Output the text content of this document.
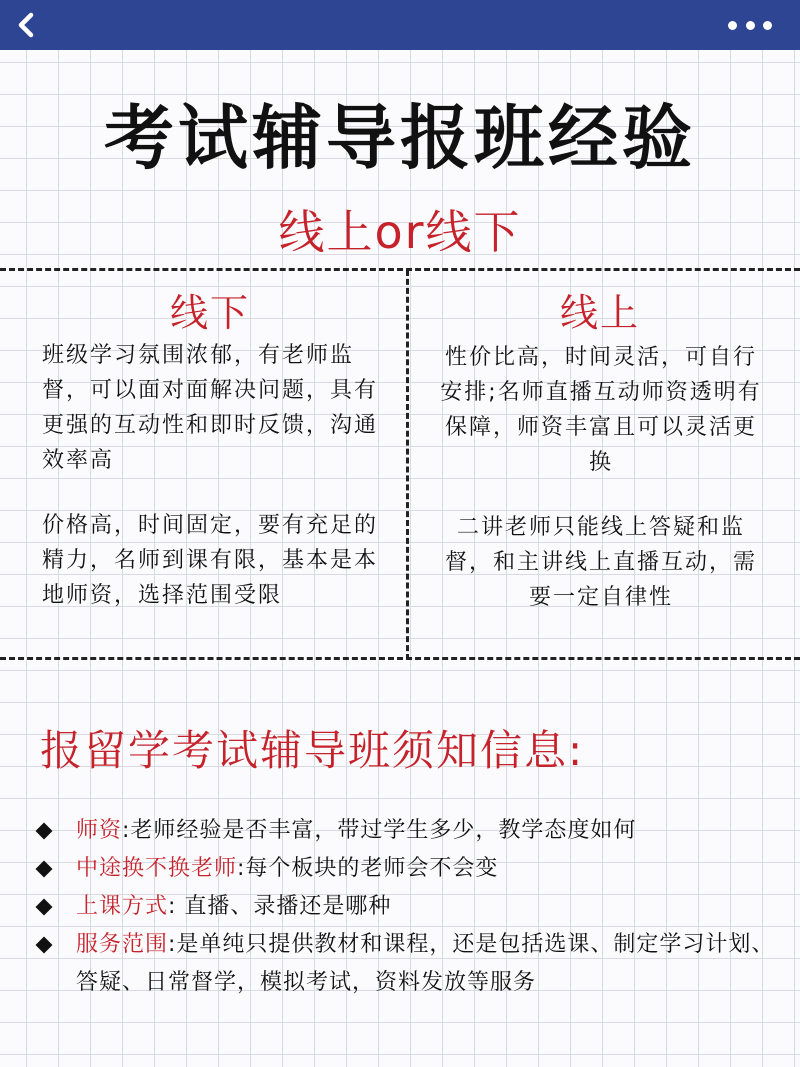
考试辅导报班经验
线上or线下
线下

班级学习氛围浓郁，有老师监督，可以面对面解决问题，具有更强的互动性和即时反馈，沟通效率高

价格高，时间固定，要有充足的精力，名师到课有限，基本是本地师资，选择范围受限

线上

性价比高，时间灵活，可自行安排;名师直播互动师资透明有保障，师资丰富且可以灵活更换

二讲老师只能线上答疑和监督，和主讲线上直播互动，需要一定自律性

报留学考试辅导班须知信息:
师资:老师经验是否丰富，带过学生多少，教学态度如何
中途换不换老师:每个板块的老师会不会变
上课方式: 直播、录播还是哪种
服务范围:是单纯只提供教材和课程，还是包括选课、制定学习计划、答疑、日常督学，模拟考试，资料发放等服务
